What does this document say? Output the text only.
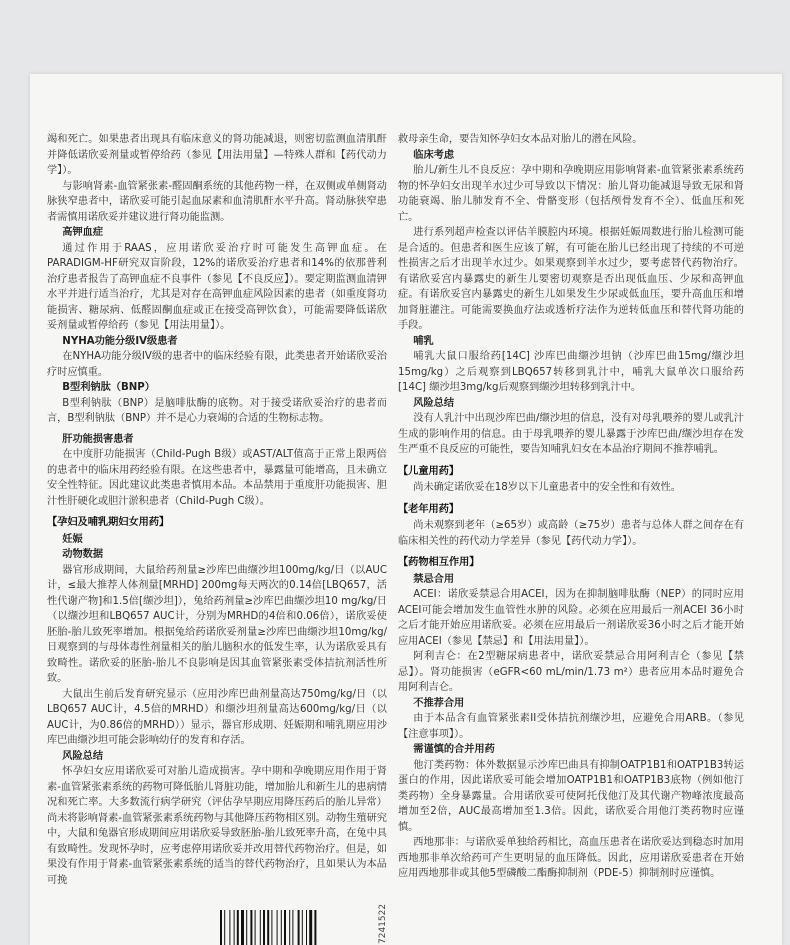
竭和死亡。如果患者出现具有临床意义的肾功能减退，则密切监测血清肌酐并降低诺欣妥剂量或暂停给药（参见【用法用量】—特殊人群和【药代动力学】）。

与影响肾素-血管紧张素-醛固酮系统的其他药物一样，在双侧或单侧肾动脉狭窄患者中，诺欣妥可能引起血尿素和血清肌酐水平升高。肾动脉狭窄患者需慎用诺欣妥并建议进行肾功能监测。

高钾血症

通过作用于RAAS，应用诺欣妥治疗时可能发生高钾血症。在PARADIGM-HF研究双盲阶段，12%的诺欣妥治疗患者和14%的依那普利治疗患者报告了高钾血症不良事件（参见【不良反应】）。要定期监测血清钾水平并进行适当治疗，尤其是对存在高钾血症风险因素的患者（如重度肾功能损害、糖尿病、低醛固酮血症或正在接受高钾饮食），可能需要降低诺欣妥剂量或暂停给药（参见【用法用量】）。

NYHA功能分级IV级患者

在NYHA功能分级IV级的患者中的临床经验有限，此类患者开始诺欣妥治疗时应慎重。

B型利钠肽（BNP）

B型利钠肽（BNP）是脑啡肽酶的底物。对于接受诺欣妥治疗的患者而言，B型利钠肽（BNP）并不是心力衰竭的合适的生物标志物。

肝功能损害患者

在中度肝功能损害（Child-Pugh B级）或AST/ALT值高于正常上限两倍的患者中的临床用药经验有限。在这些患者中，暴露量可能增高，且未确立安全性特征。因此建议此类患者慎用本品。本品禁用于重度肝功能损害、胆汁性肝硬化或胆汁淤积患者（Child-Pugh C级）。

【孕妇及哺乳期妇女用药】
妊娠
动物数据

器官形成期间，大鼠给药剂量≥沙库巴曲缬沙坦100mg/kg/日（以AUC计，≤最大推荐人体剂量[MRHD] 200mg每天两次的0.14倍[LBQ657，活性代谢产物]和1.5倍[缬沙坦]），兔给药剂量≥沙库巴曲缬沙坦10 mg/kg/日（以缬沙坦和LBQ657 AUC计，分别为MRHD的4倍和0.06倍），诺欣妥使胚胎-胎儿致死率增加。根据兔给药诺欣妥剂量≥沙库巴曲缬沙坦10mg/kg/日观察到的与母体毒性剂量相关的胎儿脑积水的低发生率，认为诺欣妥具有致畸性。诺欣妥的胚胎-胎儿不良影响是因其血管紧张素受体拮抗剂活性所致。

大鼠出生前后发育研究显示（应用沙库巴曲剂量高达750mg/kg/日（以LBQ657 AUC计，4.5倍的MRHD）和缬沙坦剂量高达600mg/kg/日（以AUC计，为0.86倍的MRHD））显示，器官形成期、妊娠期和哺乳期应用沙库巴曲缬沙坦可能会影响幼仔的发育和存活。

风险总结

怀孕妇女应用诺欣妥可对胎儿造成损害。孕中期和孕晚期应用作用于肾素-血管紧张素系统的药物可降低胎儿肾脏功能，增加胎儿和新生儿的患病情况和死亡率。大多数流行病学研究（评估孕早期应用降压药后的胎儿异常）尚未将影响肾素-血管紧张素系统药物与其他降压药物相区别。动物生殖研究中，大鼠和兔器官形成期间应用诺欣妥导致胚胎-胎儿致死率升高，在兔中具有致畸性。发现怀孕时，应考虑停用诺欣妥并改用替代药物治疗。但是，如果没有作用于肾素-血管紧张素系统的适当的替代药物治疗，且如果认为本品可挽

救母亲生命，要告知怀孕妇女本品对胎儿的潜在风险。

临床考虑

胎儿/新生儿不良反应：孕中期和孕晚期应用影响肾素-血管紧张素系统药物的怀孕妇女出现羊水过少可导致以下情况：胎儿肾功能减退导致无尿和肾功能衰竭、胎儿肺发育不全、骨骼变形（包括颅骨发育不全）、低血压和死亡。

进行系列超声检查以评估羊膜腔内环境。根据妊娠周数进行胎儿检测可能是合适的。但患者和医生应该了解，有可能在胎儿已经出现了持续的不可逆性损害之后才出现羊水过少。如果观察到羊水过少，要考虑替代药物治疗。有诺欣妥宫内暴露史的新生儿要密切观察是否出现低血压、少尿和高钾血症。有诺欣妥宫内暴露史的新生儿如果发生少尿或低血压，要升高血压和增加肾脏灌注。可能需要换血疗法或透析疗法作为逆转低血压和替代肾功能的手段。

哺乳

哺乳大鼠口服给药[14C] 沙库巴曲缬沙坦钠（沙库巴曲15mg/缬沙坦15mg/kg）之后观察到LBQ657转移到乳汁中，哺乳大鼠单次口服给药[14C] 缬沙坦3mg/kg后观察到缬沙坦转移到乳汁中。

风险总结

没有人乳汁中出现沙库巴曲/缬沙坦的信息，没有对母乳喂养的婴儿或乳汁生成的影响作用的信息。由于母乳喂养的婴儿暴露于沙库巴曲/缬沙坦存在发生严重不良反应的可能性，要告知哺乳妇女在本品治疗期间不推荐哺乳。

【儿童用药】

尚未确定诺欣妥在18岁以下儿童患者中的安全性和有效性。

【老年用药】

尚未观察到老年（≥65岁）或高龄（≥75岁）患者与总体人群之间存在有临床相关性的药代动力学差异（参见【药代动力学】）。

【药物相互作用】
禁忌合用

ACEI：诺欣妥禁忌合用ACEI，因为在抑制脑啡肽酶（NEP）的同时应用ACEI可能会增加发生血管性水肿的风险。必须在应用最后一剂ACEI 36小时之后才能开始应用诺欣妥。必须在应用最后一剂诺欣妥36小时之后才能开始应用ACEI（参见【禁忌】和【用法用量】）。

阿利吉仑：在2型糖尿病患者中，诺欣妥禁忌合用阿利吉仑（参见【禁忌】）。肾功能损害（eGFR<60 mL/min/1.73 m²）患者应用本品时避免合用阿利吉仑。

不推荐合用

由于本品含有血管紧张素II受体拮抗剂缬沙坦，应避免合用ARB。（参见【注意事项】）。

需谨慎的合并用药

他汀类药物：体外数据显示沙库巴曲具有抑制OATP1B1和OATP1B3转运蛋白的作用，因此诺欣妥可能会增加OATP1B1和OATP1B3底物（例如他汀类药物）全身暴露量。合用诺欣妥可使阿托伐他汀及其代谢产物峰浓度最高增加至2倍，AUC最高增加至1.3倍。因此，诺欣妥合用他汀类药物时应谨慎。

西地那非：与诺欣妥单独给药相比，高血压患者在诺欣妥达到稳态时加用西地那非单次给药可产生更明显的血压降低。因此，应用诺欣妥患者在开始应用西地那非或其他5型磷酸二酯酶抑制剂（PDE-5）抑制剂时应谨慎。

7241522
